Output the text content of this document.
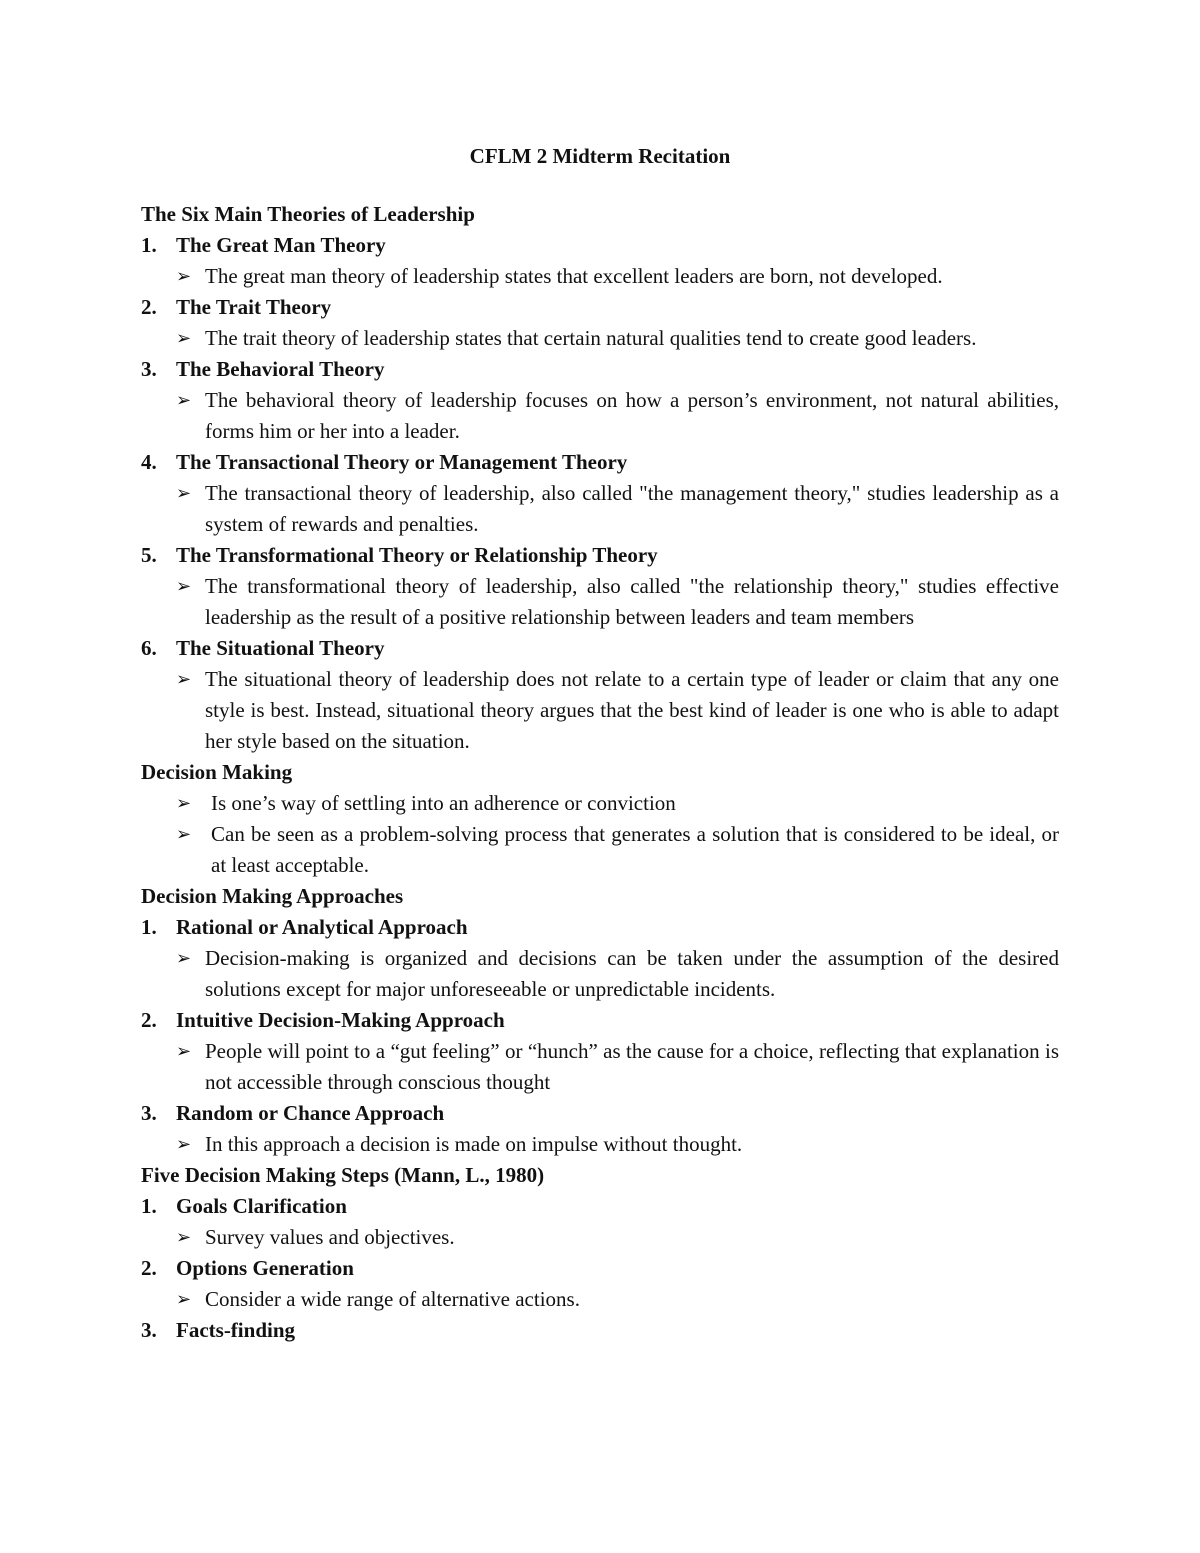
CFLM 2 Midterm Recitation
The Six Main Theories of Leadership
1. The Great Man Theory
➢ The great man theory of leadership states that excellent leaders are born, not developed.
2. The Trait Theory
➢ The trait theory of leadership states that certain natural qualities tend to create good leaders.
3. The Behavioral Theory
➢ The behavioral theory of leadership focuses on how a person’s environment, not natural abilities, forms him or her into a leader.
4. The Transactional Theory or Management Theory
➢ The transactional theory of leadership, also called "the management theory," studies leadership as a system of rewards and penalties.
5. The Transformational Theory or Relationship Theory
➢ The transformational theory of leadership, also called "the relationship theory," studies effective leadership as the result of a positive relationship between leaders and team members
6. The Situational Theory
➢ The situational theory of leadership does not relate to a certain type of leader or claim that any one style is best. Instead, situational theory argues that the best kind of leader is one who is able to adapt her style based on the situation.
Decision Making
➢ Is one’s way of settling into an adherence or conviction
➢ Can be seen as a problem-solving process that generates a solution that is considered to be ideal, or at least acceptable.
Decision Making Approaches
1. Rational or Analytical Approach
➢ Decision-making is organized and decisions can be taken under the assumption of the desired solutions except for major unforeseeable or unpredictable incidents.
2. Intuitive Decision-Making Approach
➢ People will point to a “gut feeling” or “hunch” as the cause for a choice, reflecting that explanation is not accessible through conscious thought
3. Random or Chance Approach
➢ In this approach a decision is made on impulse without thought.
Five Decision Making Steps (Mann, L., 1980)
1. Goals Clarification
➢ Survey values and objectives.
2. Options Generation
➢ Consider a wide range of alternative actions.
3. Facts-finding
